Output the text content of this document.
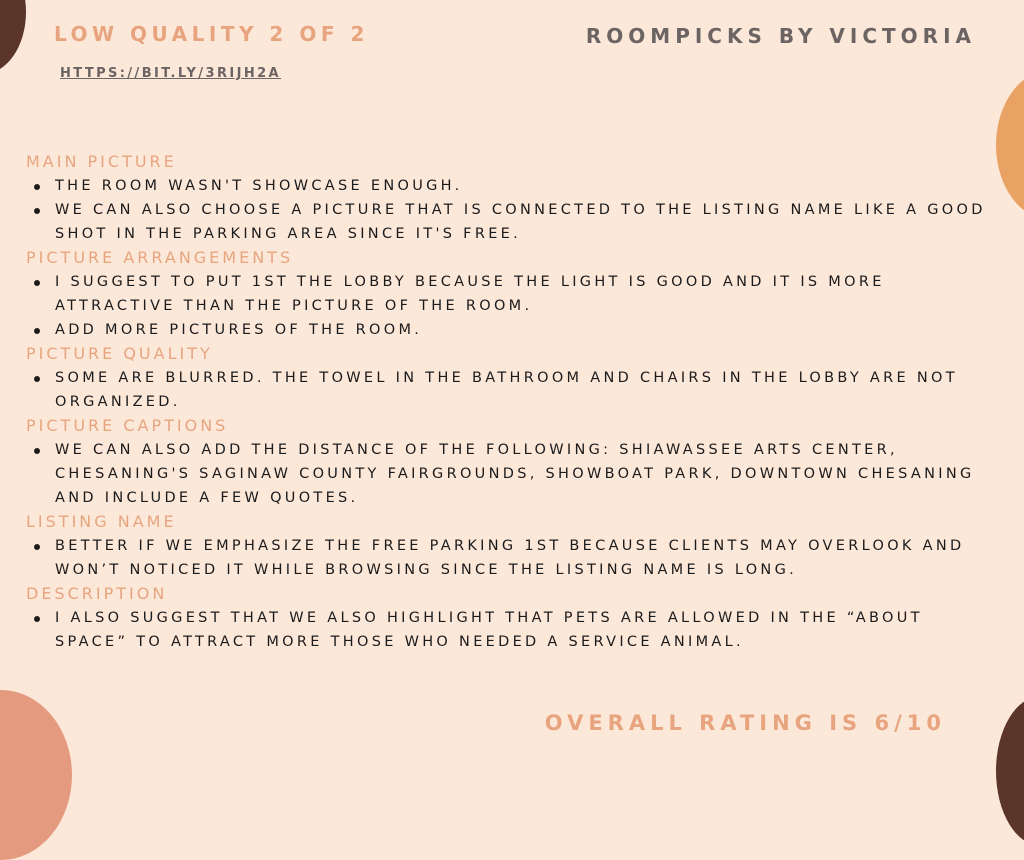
LOW QUALITY 2 OF 2
HTTPS://BIT.LY/3RIJH2A
ROOMPICKS BY VICTORIA
MAIN PICTURE
THE ROOM WASN'T SHOWCASE ENOUGH.
WE CAN ALSO CHOOSE A PICTURE THAT IS CONNECTED TO THE LISTING NAME LIKE A GOOD SHOT IN THE PARKING AREA SINCE IT'S FREE.
PICTURE ARRANGEMENTS
I SUGGEST TO PUT 1ST THE LOBBY BECAUSE THE LIGHT IS GOOD AND IT IS MORE ATTRACTIVE THAN THE PICTURE OF THE ROOM.
ADD MORE PICTURES OF THE ROOM.
PICTURE QUALITY
SOME ARE BLURRED. THE TOWEL IN THE BATHROOM AND CHAIRS IN THE LOBBY ARE NOT ORGANIZED.
PICTURE CAPTIONS
WE CAN ALSO ADD THE DISTANCE OF THE FOLLOWING: SHIAWASSEE ARTS CENTER, CHESANING'S SAGINAW COUNTY FAIRGROUNDS, SHOWBOAT PARK, DOWNTOWN CHESANING AND INCLUDE A FEW QUOTES.
LISTING NAME
BETTER IF WE EMPHASIZE THE FREE PARKING 1ST BECAUSE CLIENTS MAY OVERLOOK AND WON’T NOTICED IT WHILE BROWSING SINCE THE LISTING NAME IS LONG.
DESCRIPTION
I ALSO SUGGEST THAT WE ALSO HIGHLIGHT THAT PETS ARE ALLOWED IN THE “ABOUT SPACE” TO ATTRACT MORE THOSE WHO NEEDED A SERVICE ANIMAL.
OVERALL RATING IS 6/10
